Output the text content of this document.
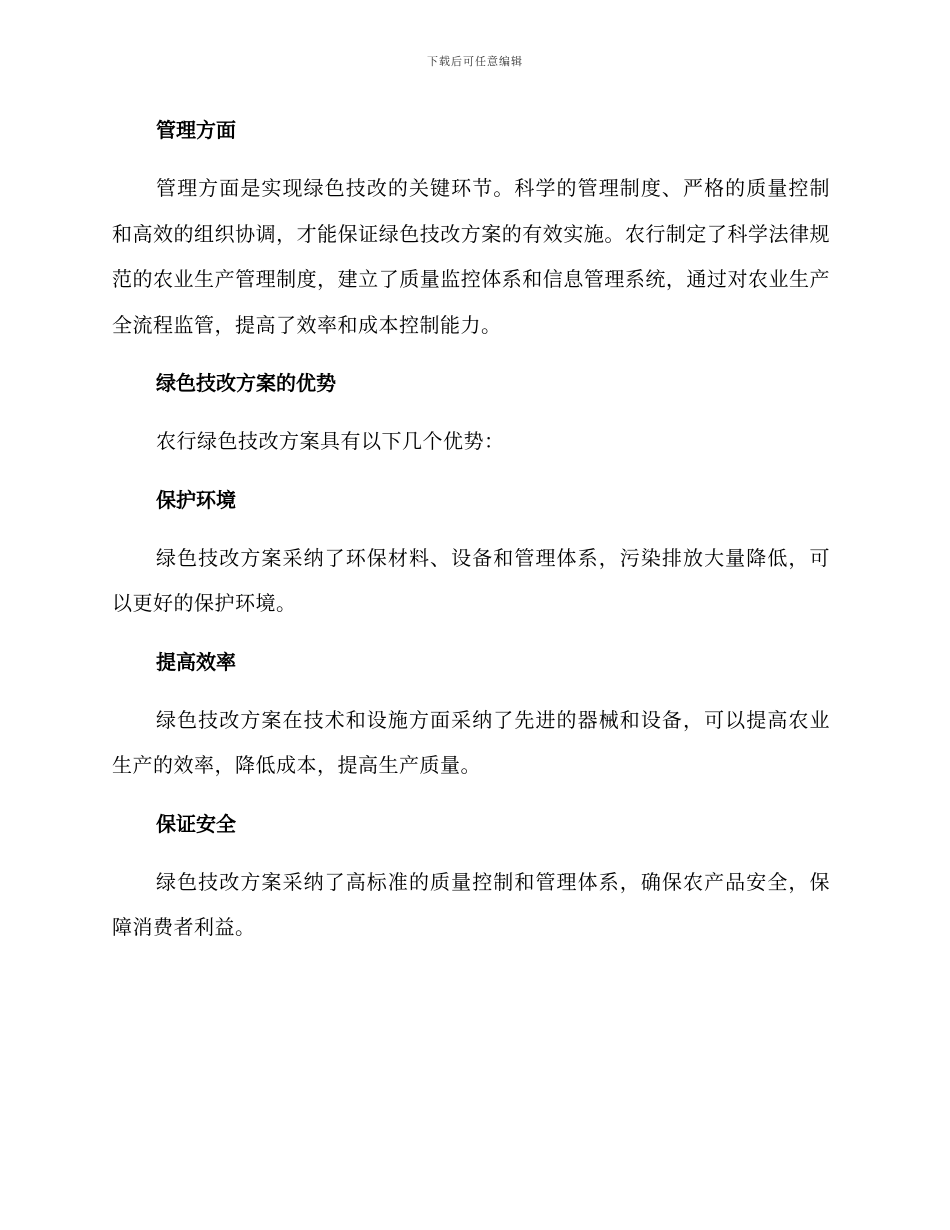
下载后可任意编辑
管理方面

管理方面是实现绿色技改的关键环节。科学的管理制度、严格的质量控制和高效的组织协调，才能保证绿色技改方案的有效实施。农行制定了科学法律规范的农业生产管理制度，建立了质量监控体系和信息管理系统，通过对农业生产全流程监管，提高了效率和成本控制能力。

绿色技改方案的优势

农行绿色技改方案具有以下几个优势：

保护环境

绿色技改方案采纳了环保材料、设备和管理体系，污染排放大量降低，可以更好的保护环境。

提高效率

绿色技改方案在技术和设施方面采纳了先进的器械和设备，可以提高农业生产的效率，降低成本，提高生产质量。

保证安全

绿色技改方案采纳了高标准的质量控制和管理体系，确保农产品安全，保障消费者利益。
